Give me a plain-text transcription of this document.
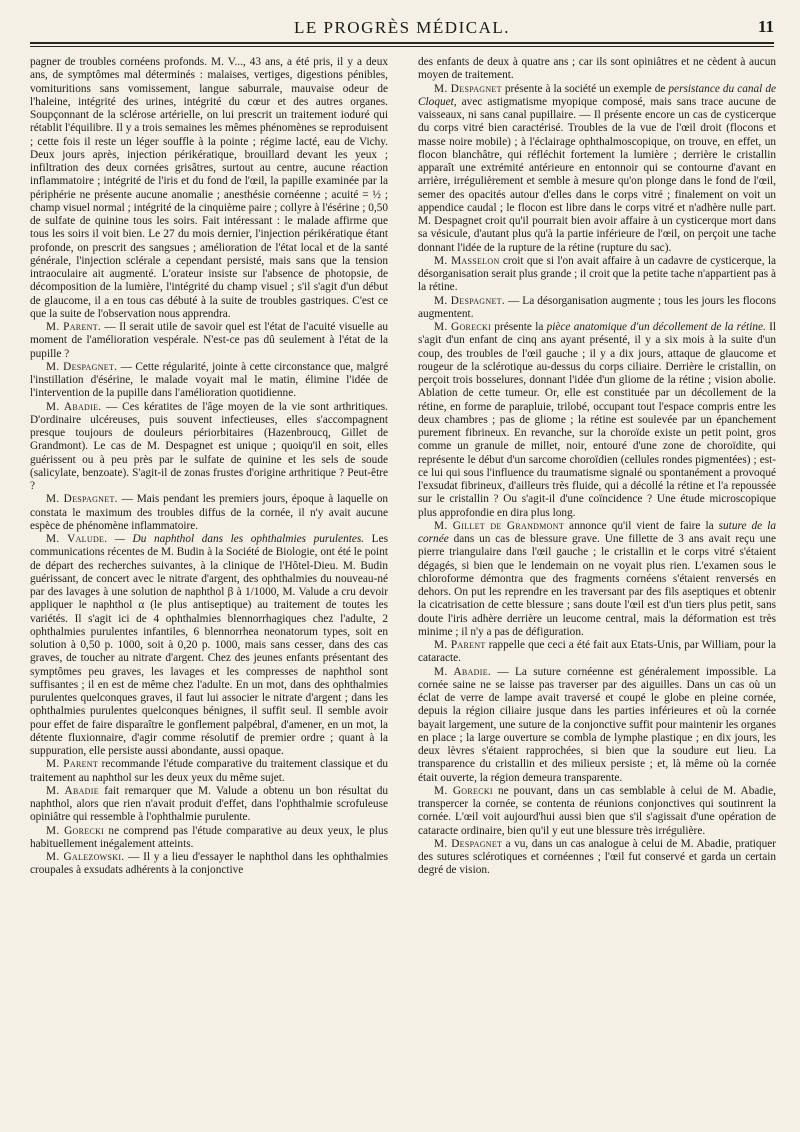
LE PROGRÈS MÉDICAL.	11

pagner de troubles cornéens profonds. M. V..., 43 ans, a été pris, il y a deux ans, de symptômes mal déterminés : malaises, vertiges, digestions pénibles, vomituritions sans vomissement, langue saburrale, mauvaise odeur de l'haleine, intégrité des urines, intégrité du cœur et des autres organes. Soupçonnant de la sclérose artérielle, on lui prescrit un traitement ioduré qui rétablit l'équilibre. Il y a trois semaines les mêmes phénomènes se reproduisent ; cette fois il reste un léger souffle à la pointe ; régime lacté, eau de Vichy. Deux jours après, injection périkératique, brouillard devant les yeux ; infiltration des deux cornées grisâtres, surtout au centre, aucune réaction inflammatoire ; intégrité de l'iris et du fond de l'œil, la papille examinée par la périphérie ne présente aucune anomalie ; anesthésie cornéenne ; acuité = ½ ; champ visuel normal ; intégrité de la cinquième paire ; collyre à l'ésérine ; 0,50 de sulfate de quinine tous les soirs. Fait intéressant : le malade affirme que tous les soirs il voit bien. Le 27 du mois dernier, l'injection périkératique étant profonde, on prescrit des sangsues ; amélioration de l'état local et de la santé générale, l'injection sclérale a cependant persisté, mais sans que la tension intraoculaire ait augmenté. L'orateur insiste sur l'absence de photopsie, de décomposition de la lumière, l'intégrité du champ visuel ; s'il s'agit d'un début de glaucome, il a en tous cas débuté à la suite de troubles gastriques. C'est ce que la suite de l'observation nous apprendra.

M. Parent. — Il serait utile de savoir quel est l'état de l'acuité visuelle au moment de l'amélioration vespérale. N'est-ce pas dû seulement à l'état de la pupille ?

M. Despagnet. — Cette régularité, jointe à cette circonstance que, malgré l'instillation d'ésérine, le malade voyait mal le matin, élimine l'idée de l'intervention de la pupille dans l'amélioration quotidienne.

M. Abadie. — Ces kératites de l'âge moyen de la vie sont arthritiques. D'ordinaire ulcéreuses, puis souvent infectieuses, elles s'accompagnent presque toujours de douleurs périorbitaires (Hazenbroucq, Gillet de Grandmont). Le cas de M. Despagnet est unique ; quoiqu'il en soit, elles guérissent ou à peu près par le sulfate de quinine et les sels de soude (salicylate, benzoate). S'agit-il de zonas frustes d'origine arthritique ? Peut-être ?

M. Despagnet. — Mais pendant les premiers jours, époque à laquelle on constata le maximum des troubles diffus de la cornée, il n'y avait aucune espèce de phénomène inflammatoire.

M. Valude. — Du naphthol dans les ophthalmies purulentes. Les communications récentes de M. Budin à la Société de Biologie, ont été le point de départ des recherches suivantes, à la clinique de l'Hôtel-Dieu. M. Budin guérissant, de concert avec le nitrate d'argent, des ophthalmies du nouveau-né par des lavages à une solution de naphthol β à 1/1000, M. Valude a cru devoir appliquer le naphthol α (le plus antiseptique) au traitement de toutes les variétés. Il s'agit ici de 4 ophthalmies blennorrhagiques chez l'adulte, 2 ophthalmies purulentes infantiles, 6 blennorrhea neonatorum types, soit en solution à 0,50 p. 1000, soit à 0,20 p. 1000, mais sans cesser, dans des cas graves, de toucher au nitrate d'argent. Chez des jeunes enfants présentant des symptômes peu graves, les lavages et les compresses de naphthol sont suffisantes ; il en est de même chez l'adulte. En un mot, dans des ophthalmies purulentes quelconques graves, il faut lui associer le nitrate d'argent ; dans les ophthalmies purulentes quelconques bénignes, il suffit seul. Il semble avoir pour effet de faire disparaître le gonflement palpébral, d'amener, en un mot, la détente fluxionnaire, d'agir comme résolutif de premier ordre ; quant à la suppuration, elle persiste aussi abondante, aussi opaque.

M. Parent recommande l'étude comparative du traitement classique et du traitement au naphthol sur les deux yeux du même sujet.

M. Abadie fait remarquer que M. Valude a obtenu un bon résultat du naphthol, alors que rien n'avait produit d'effet, dans l'ophthalmie scrofuleuse opiniâtre qui ressemble à l'ophthalmie purulente.

M. Gorecki ne comprend pas l'étude comparative au deux yeux, le plus habituellement inégalement atteints.

M. Galezowski. — Il y a lieu d'essayer le naphthol dans les ophthalmies croupales à exsudats adhérents à la conjonctive

des enfants de deux à quatre ans ; car ils sont opiniâtres et ne cèdent à aucun moyen de traitement.

M. Despagnet présente à la société un exemple de persistance du canal de Cloquet, avec astigmatisme myopique composé, mais sans trace aucune de vaisseaux, ni sans canal pupillaire. — Il présente encore un cas de cysticerque du corps vitré bien caractérisé. Troubles de la vue de l'œil droit (flocons et masse noire mobile) ; à l'éclairage ophthalmoscopique, on trouve, en effet, un flocon blanchâtre, qui réfléchit fortement la lumière ; derrière le cristallin apparaît une extrémité antérieure en entonnoir qui se contourne d'avant en arrière, irrégulièrement et semble à mesure qu'on plonge dans le fond de l'œil, semer des opacités autour d'elles dans le corps vitré ; finalement on voit un appendice caudal ; le flocon est libre dans le corps vitré et n'adhère nulle part. M. Despagnet croit qu'il pourrait bien avoir affaire à un cysticerque mort dans sa vésicule, d'autant plus qu'à la partie inférieure de l'œil, on perçoit une tache donnant l'idée de la rupture de la rétine (rupture du sac).

M. Masselon croit que si l'on avait affaire à un cadavre de cysticerque, la désorganisation serait plus grande ; il croit que la petite tache n'appartient pas à la rétine.

M. Despagnet. — La désorganisation augmente ; tous les jours les flocons augmentent.

M. Gorecki présente la pièce anatomique d'un décollement de la rétine. Il s'agit d'un enfant de cinq ans ayant présenté, il y a six mois à la suite d'un coup, des troubles de l'œil gauche ; il y a dix jours, attaque de glaucome et rougeur de la sclérotique au-dessus du corps ciliaire. Derrière le cristallin, on perçoit trois bosselures, donnant l'idée d'un gliome de la rétine ; vision abolie. Ablation de cette tumeur. Or, elle est constituée par un décollement de la rétine, en forme de parapluie, trilobé, occupant tout l'espace compris entre les deux chambres ; pas de gliome ; la rétine est soulevée par un épanchement purement fibrineux. En revanche, sur la choroïde existe un petit point, gros comme un granule de millet, noir, entouré d'une zone de choroïdite, qui représente le début d'un sarcome choroïdien (cellules rondes pigmentées) ; est-ce lui qui sous l'influence du traumatisme signalé ou spontanément a provoqué l'exsudat fibrineux, d'ailleurs très fluide, qui a décollé la rétine et l'a repoussée sur le cristallin ? Ou s'agit-il d'une coïncidence ? Une étude microscopique plus approfondie en dira plus long.

M. Gillet de Grandmont annonce qu'il vient de faire la suture de la cornée dans un cas de blessure grave. Une fillette de 3 ans avait reçu une pierre triangulaire dans l'œil gauche ; le cristallin et le corps vitré s'étaient dégagés, si bien que le lendemain on ne voyait plus rien. L'examen sous le chloroforme démontra que des fragments cornéens s'étaient renversés en dehors. On put les reprendre en les traversant par des fils aseptiques et obtenir la cicatrisation de cette blessure ; sans doute l'œil est d'un tiers plus petit, sans doute l'iris adhère derrière un leucome central, mais la déformation est très minime ; il n'y a pas de défiguration.

M. Parent rappelle que ceci a été fait aux Etats-Unis, par William, pour la cataracte.

M. Abadie. — La suture cornéenne est généralement impossible. La cornée saine ne se laisse pas traverser par des aiguilles. Dans un cas où un éclat de verre de lampe avait traversé et coupé le globe en pleine cornée, depuis la région ciliaire jusque dans les parties inférieures et où la cornée bayait largement, une suture de la conjonctive suffit pour maintenir les organes en place ; la large ouverture se combla de lymphe plastique ; en dix jours, les deux lèvres s'étaient rapprochées, si bien que la soudure eut lieu. La transparence du cristallin et des milieux persiste ; et, là même où la cornée était ouverte, la région demeura transparente.

M. Gorecki ne pouvant, dans un cas semblable à celui de M. Abadie, transpercer la cornée, se contenta de réunions conjonctives qui soutinrent la cornée. L'œil voit aujourd'hui aussi bien que s'il s'agissait d'une opération de cataracte ordinaire, bien qu'il y eut une blessure très irrégulière.

M. Despagnet a vu, dans un cas analogue à celui de M. Abadie, pratiquer des sutures sclérotiques et cornéennes ; l'œil fut conservé et garda un certain degré de vision.
